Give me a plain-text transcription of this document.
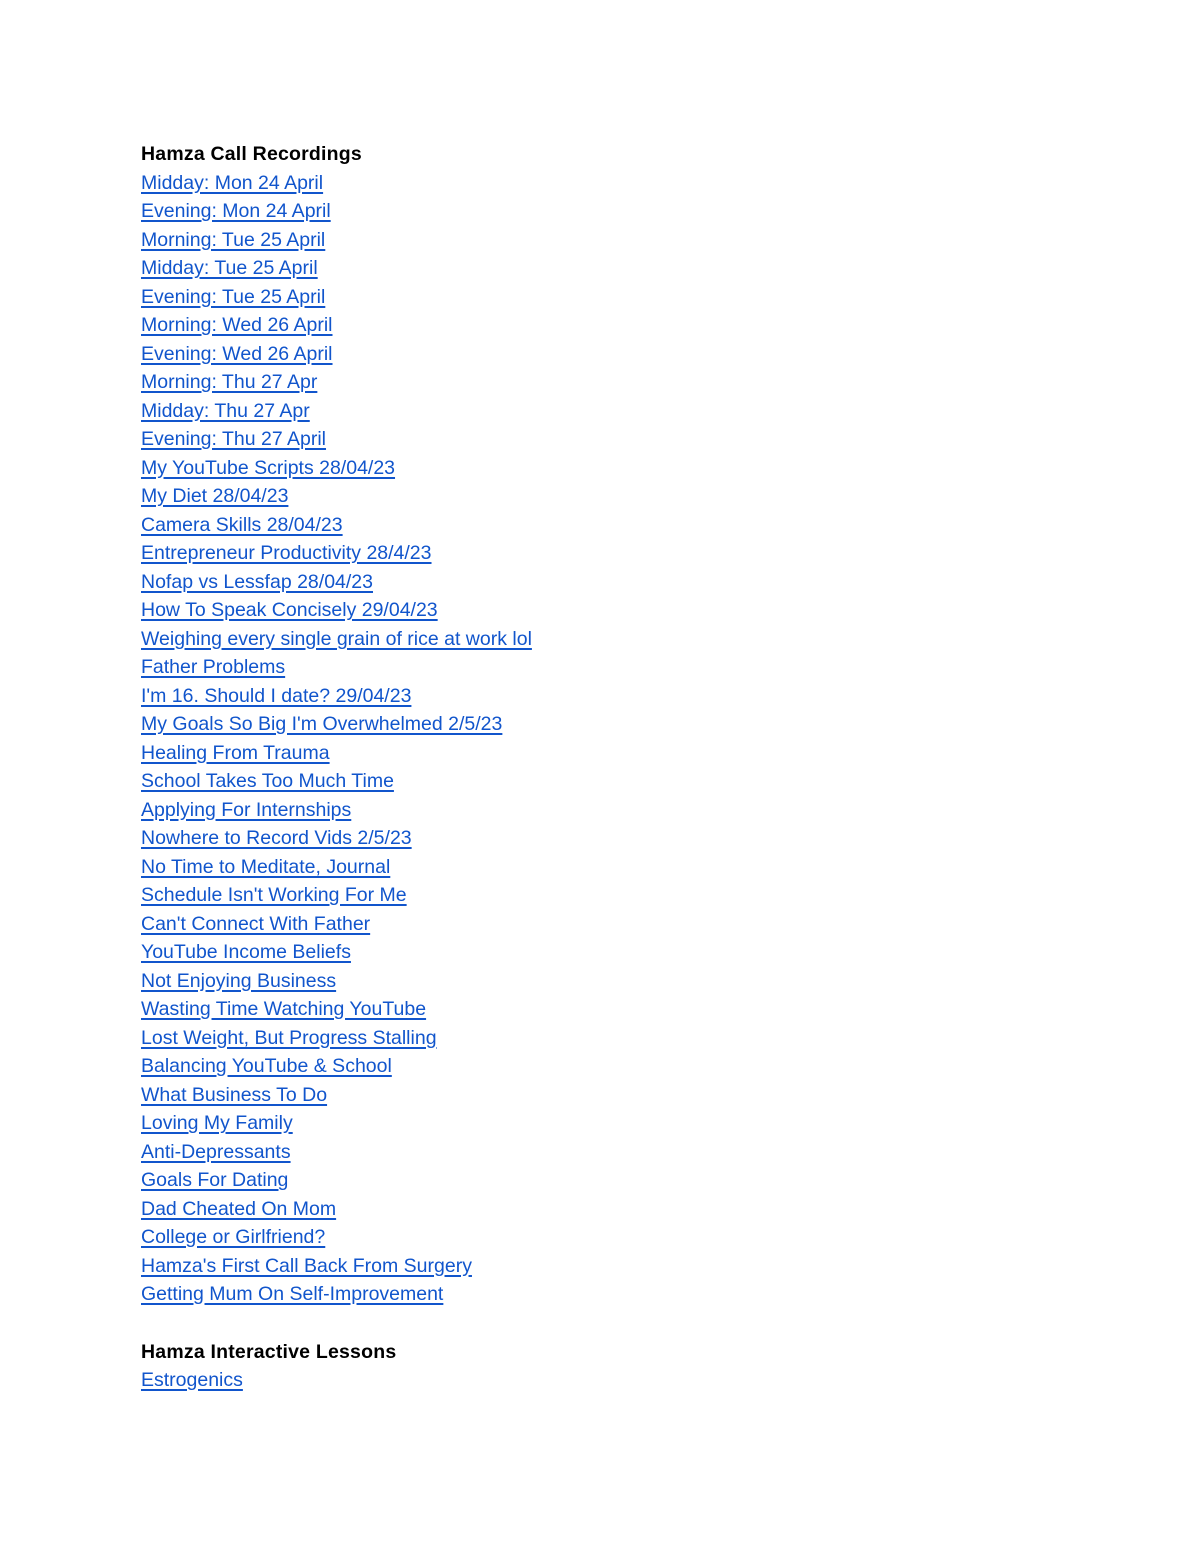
Hamza Call Recordings
Midday: Mon 24 April
Evening: Mon 24 April
Morning: Tue 25 April
Midday: Tue 25 April
Evening: Tue 25 April
Morning: Wed 26 April
Evening: Wed 26 April
Morning: Thu 27 Apr
Midday: Thu 27 Apr
Evening: Thu 27 April
My YouTube Scripts 28/04/23
My Diet 28/04/23
Camera Skills 28/04/23
Entrepreneur Productivity 28/4/23
Nofap vs Lessfap 28/04/23
How To Speak Concisely 29/04/23
Weighing every single grain of rice at work lol
Father Problems
I'm 16. Should I date? 29/04/23
My Goals So Big I'm Overwhelmed 2/5/23
Healing From Trauma
School Takes Too Much Time
Applying For Internships
Nowhere to Record Vids 2/5/23
No Time to Meditate, Journal
Schedule Isn't Working For Me
Can't Connect With Father
YouTube Income Beliefs
Not Enjoying Business
Wasting Time Watching YouTube
Lost Weight, But Progress Stalling
Balancing YouTube & School
What Business To Do
Loving My Family
Anti-Depressants
Goals For Dating
Dad Cheated On Mom
College or Girlfriend?
Hamza's First Call Back From Surgery
Getting Mum On Self-Improvement
Hamza Interactive Lessons
Estrogenics
